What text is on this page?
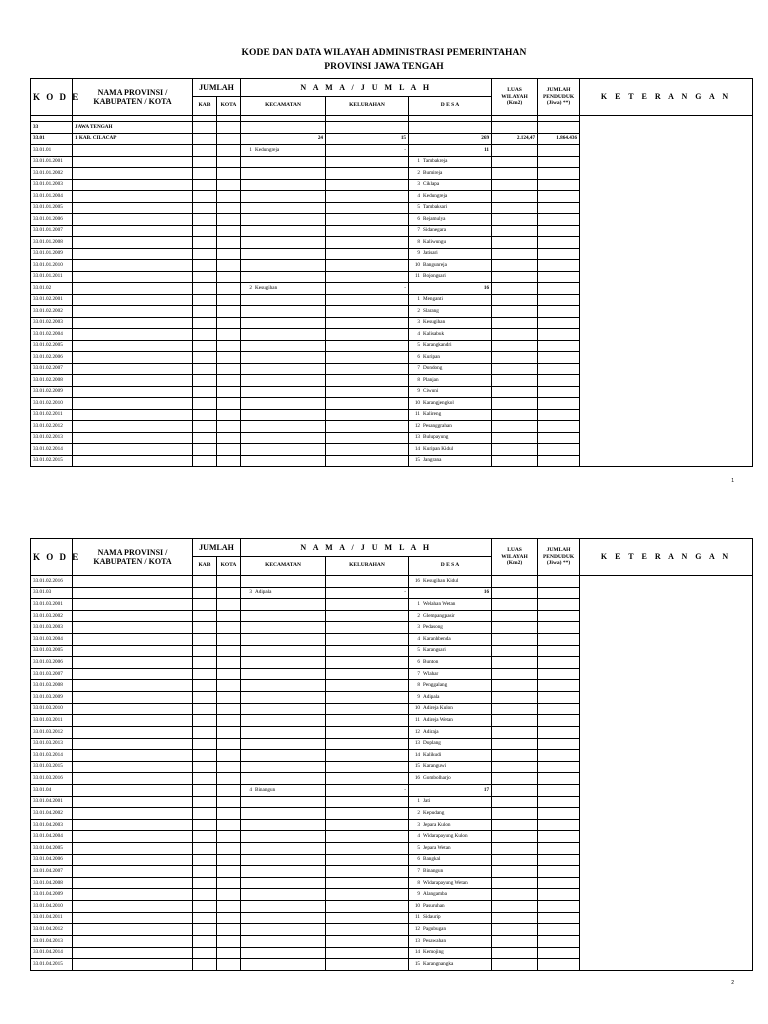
KODE DAN DATA WILAYAH ADMINISTRASI PEMERINTAHAN
PROVINSI JAWA TENGAH
K O D E	NAMA PROVINSI /
KABUPATEN / KOTA	JUMLAH		N A M A / J U M L A H			LUAS
WILAYAH
(Km2)	JUMLAH
PENDUDUK
(Jiwa) **)	K E T E R A N G A N
		KAB	KOTA	KECAMATAN	KELURAHAN	D E S A			

33	JAWA TENGAH								
33.01	1 KAB. CILACAP			24	15	269	2.124,47	1.864.436	
33.01.01				1 Kedungreja	-	11			
33.01.01.2001						1 Tambakreja			
33.01.01.2002						2 Bumireja			
33.01.01.2003						3 Ciklapa			
33.01.01.2004						4 Kedungreja			
33.01.01.2005						5 Tambaksari			
33.01.01.2006						6 Rejamulya			
33.01.01.2007						7 Sidanegara			
33.01.01.2008						8 Kaliwungu			
33.01.01.2009						9 Jatisari			
33.01.01.2010						10 Bangunreja			
33.01.01.2011						11 Bojongsari			
33.01.02				2 Kesugihan	-	16			
33.01.02.2001						1 Menganti			
33.01.02.2002						2 Slarang			
33.01.02.2003						3 Kesugihan			
33.01.02.2004						4 Kalisabuk			
33.01.02.2005						5 Karangkandri			
33.01.02.2006						6 Kuripan			
33.01.02.2007						7 Dondong			
33.01.02.2008						8 Planjan			
33.01.02.2009						9 Ciwuni			
33.01.02.2010						10 Karangjengkol			
33.01.02.2011						11 Kalireng			
33.01.02.2012						12 Pesanggrahan			
33.01.02.2013						13 Bulupayung			
33.01.02.2014						14 Kuripan Kidul			
33.01.02.2015						15 Jangrana			
1
K O D E	NAMA PROVINSI /
KABUPATEN / KOTA	JUMLAH		N A M A / J U M L A H			LUAS
WILAYAH
(Km2)	JUMLAH
PENDUDUK
(Jiwa) **)	K E T E R A N G A N
		KAB	KOTA	KECAMATAN	KELURAHAN	D E S A			
33.01.02.2016						16 Kesugihan Kidul			
33.01.03				3 Adipala	-	16			
33.01.03.2001						1 Welahan Wetan			
33.01.03.2002						2 Glempangpasir			
33.01.03.2003						3 Pedasong			
33.01.03.2004						4 Karanhbenda			
33.01.03.2005						5 Karangsari			
33.01.03.2006						6 Bunton			
33.01.03.2007						7 Wlahar			
33.01.03.2008						8 Penggalang			
33.01.03.2009						9 Adipala			
33.01.03.2010						10 Adireja Kulon			
33.01.03.2011						11 Adireja Wetan			
33.01.03.2012						12 Adiraja			
33.01.03.2013						13 Doplang			
33.01.03.2014						14 Kalikudi			
33.01.03.2015						15 Karanguwi			
33.01.03.2016						16 Gombolharjo			
33.01.04				4 Binangun	-	17			
33.01.04.2001						1 Jati			
33.01.04.2002						2 Kepudang			
33.01.04.2003						3 Jepara Kulon			
33.01.04.2004						4 Widarapayung Kulon			
33.01.04.2005						5 Jepara Wetan			
33.01.04.2006						6 Bangkal			
33.01.04.2007						7 Binangun			
33.01.04.2008						8 Widarapayung Wetan			
33.01.04.2009						9 Alangamba			
33.01.04.2010						10 Pasuruhan			
33.01.04.2011						11 Sidaurip			
33.01.04.2012						12 Pagubugan			
33.01.04.2013						13 Pesawahan			
33.01.04.2014						14 Kemojing			
33.01.04.2015						15 Karangnangka			
2
